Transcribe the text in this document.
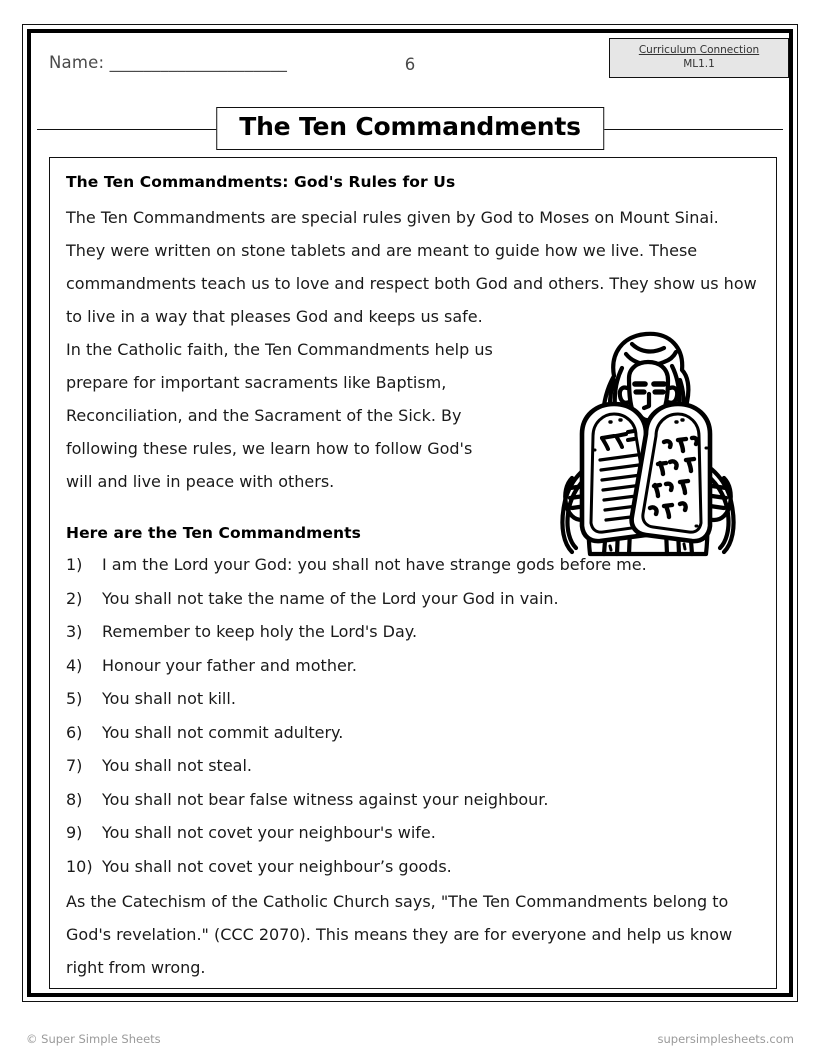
Name: _____________________	6
Curriculum Connection
ML1.1
The Ten Commandments
The Ten Commandments: God's Rules for Us

The Ten Commandments are special rules given by God to Moses on Mount Sinai. They were written on stone tablets and are meant to guide how we live. These commandments teach us to love and respect both God and others. They show us how to live in a way that pleases God and keeps us safe.

In the Catholic faith, the Ten Commandments help us prepare for important sacraments like Baptism, Reconciliation, and the Sacrament of the Sick. By following these rules, we learn how to follow God's will and live in peace with others.

Here are the Ten Commandments
1)	I am the Lord your God: you shall not have strange gods before me.
2)	You shall not take the name of the Lord your God in vain.
3)	Remember to keep holy the Lord's Day.
4)	Honour your father and mother.
5)	You shall not kill.
6)	You shall not commit adultery.
7)	You shall not steal.
8)	You shall not bear false witness against your neighbour.
9)	You shall not covet your neighbour's wife.
10) You shall not covet your neighbour’s goods.

As the Catechism of the Catholic Church says, "The Ten Commandments belong to God's revelation." (CCC 2070). This means they are for everyone and help us know right from wrong.

© Super Simple Sheets	supersimplesheets.com
